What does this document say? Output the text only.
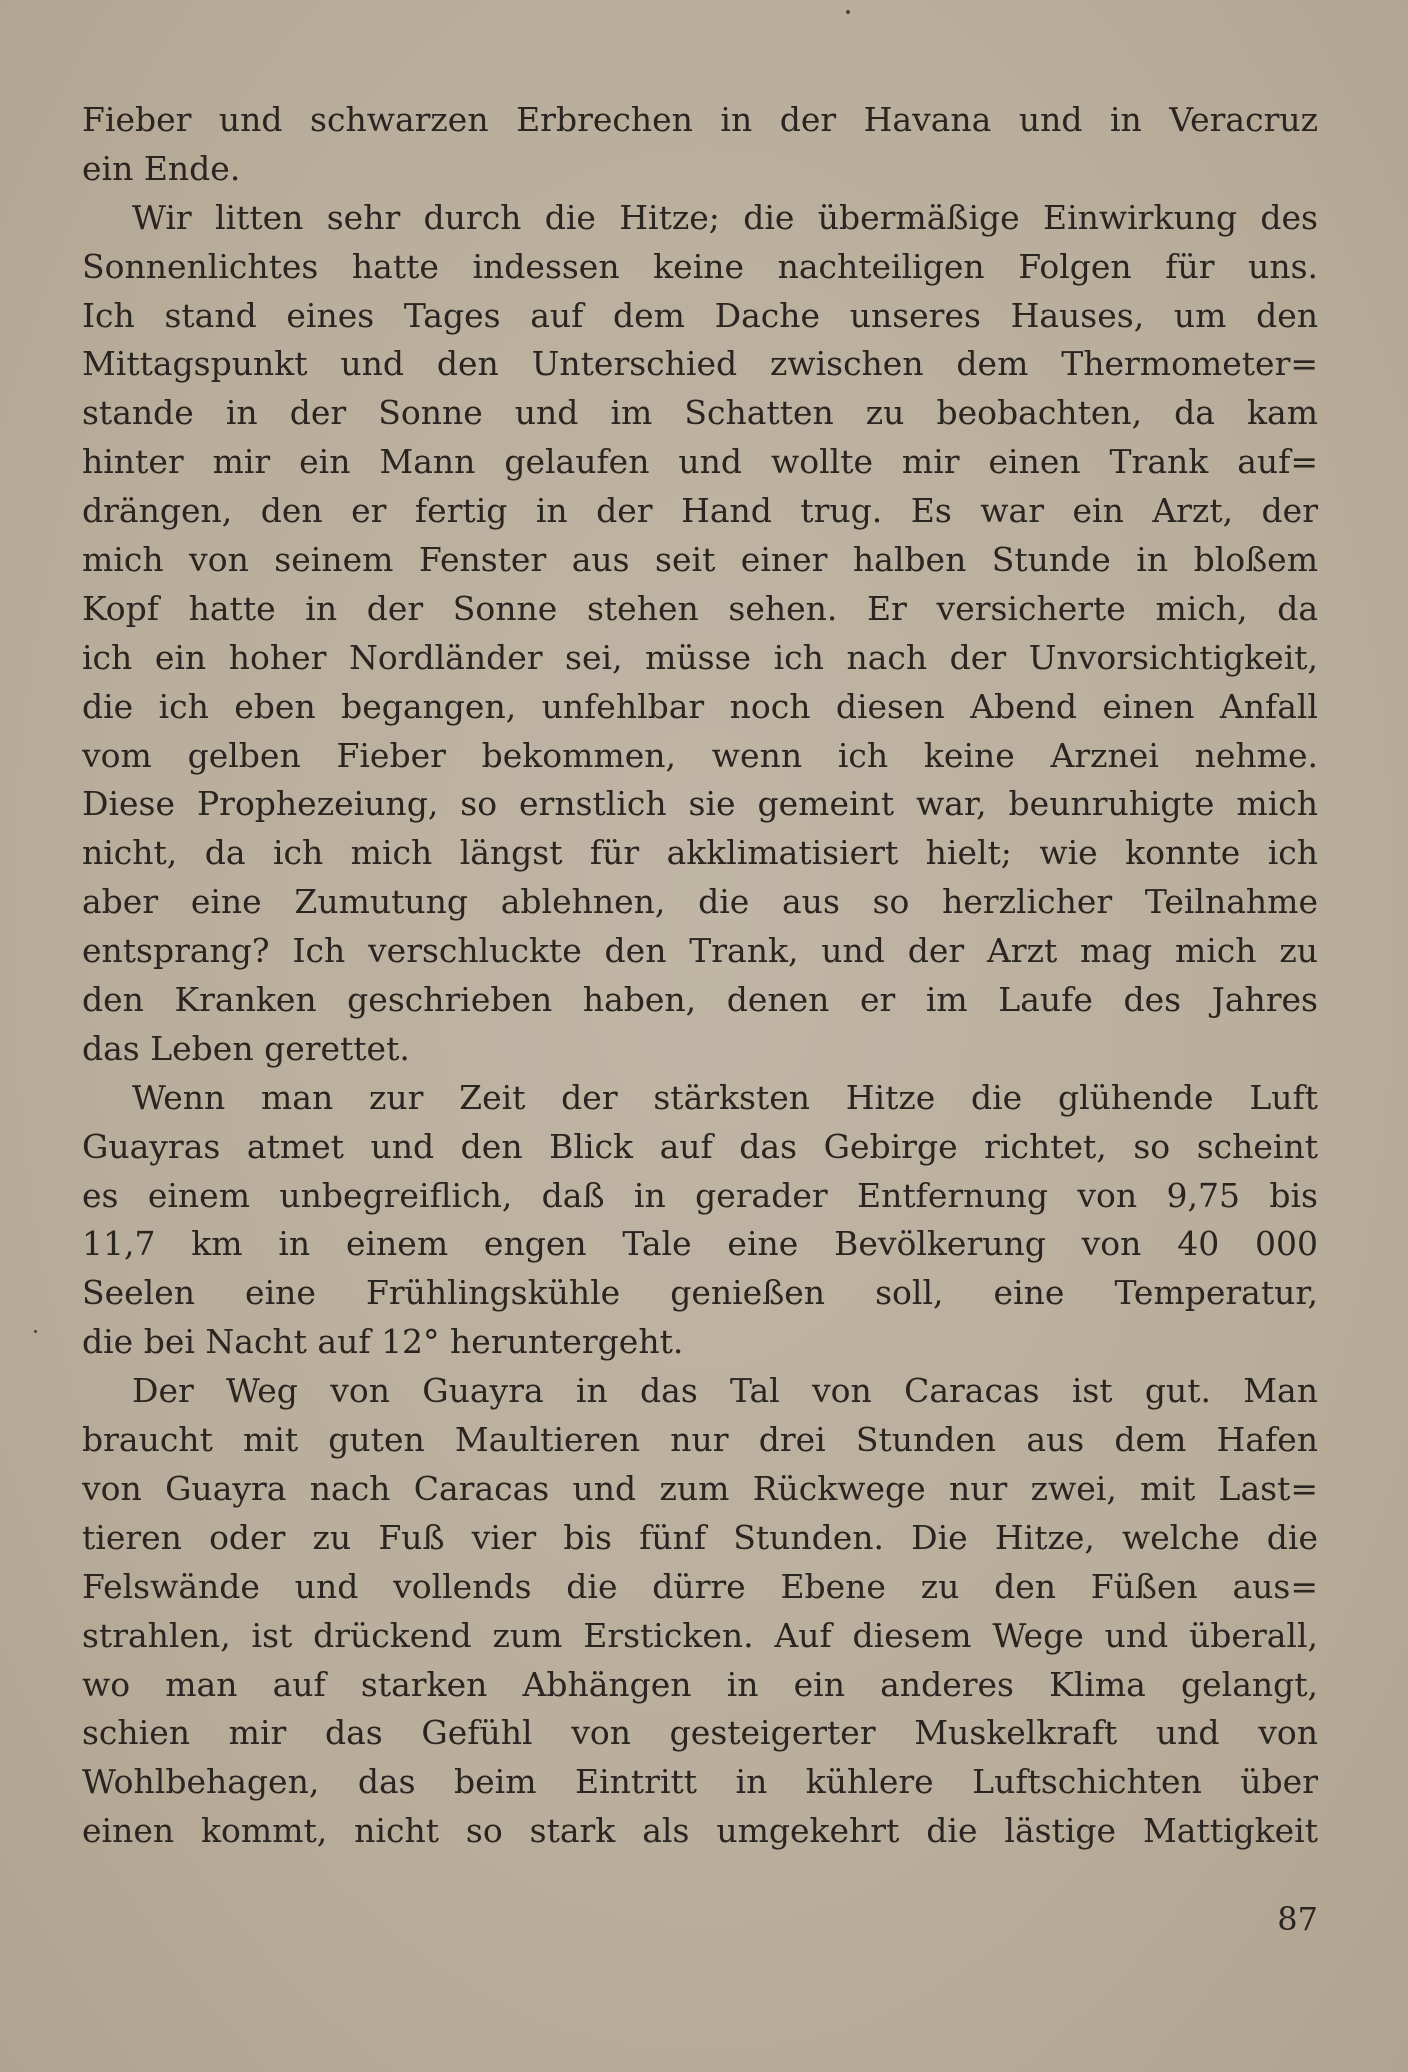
Fieber und schwarzen Erbrechen in der Havana und in Veracruz
ein Ende.
Wir litten sehr durch die Hitze; die übermäßige Einwirkung des
Sonnenlichtes hatte indessen keine nachteiligen Folgen für uns.
Ich stand eines Tages auf dem Dache unseres Hauses, um den
Mittagspunkt und den Unterschied zwischen dem Thermometer=
stande in der Sonne und im Schatten zu beobachten, da kam
hinter mir ein Mann gelaufen und wollte mir einen Trank auf=
drängen, den er fertig in der Hand trug. Es war ein Arzt, der
mich von seinem Fenster aus seit einer halben Stunde in bloßem
Kopf hatte in der Sonne stehen sehen. Er versicherte mich, da
ich ein hoher Nordländer sei, müsse ich nach der Unvorsichtigkeit,
die ich eben begangen, unfehlbar noch diesen Abend einen Anfall
vom gelben Fieber bekommen, wenn ich keine Arznei nehme.
Diese Prophezeiung, so ernstlich sie gemeint war, beunruhigte mich
nicht, da ich mich längst für akklimatisiert hielt; wie konnte ich
aber eine Zumutung ablehnen, die aus so herzlicher Teilnahme
entsprang? Ich verschluckte den Trank, und der Arzt mag mich zu
den Kranken geschrieben haben, denen er im Laufe des Jahres
das Leben gerettet.
Wenn man zur Zeit der stärksten Hitze die glühende Luft
Guayras atmet und den Blick auf das Gebirge richtet, so scheint
es einem unbegreiflich, daß in gerader Entfernung von 9,75 bis
11,7 km in einem engen Tale eine Bevölkerung von 40 000
Seelen eine Frühlingskühle genießen soll, eine Temperatur,
die bei Nacht auf 12° heruntergeht.
Der Weg von Guayra in das Tal von Caracas ist gut. Man
braucht mit guten Maultieren nur drei Stunden aus dem Hafen
von Guayra nach Caracas und zum Rückwege nur zwei, mit Last=
tieren oder zu Fuß vier bis fünf Stunden. Die Hitze, welche die
Felswände und vollends die dürre Ebene zu den Füßen aus=
strahlen, ist drückend zum Ersticken. Auf diesem Wege und überall,
wo man auf starken Abhängen in ein anderes Klima gelangt,
schien mir das Gefühl von gesteigerter Muskelkraft und von
Wohlbehagen, das beim Eintritt in kühlere Luftschichten über
einen kommt, nicht so stark als umgekehrt die lästige Mattigkeit
87
